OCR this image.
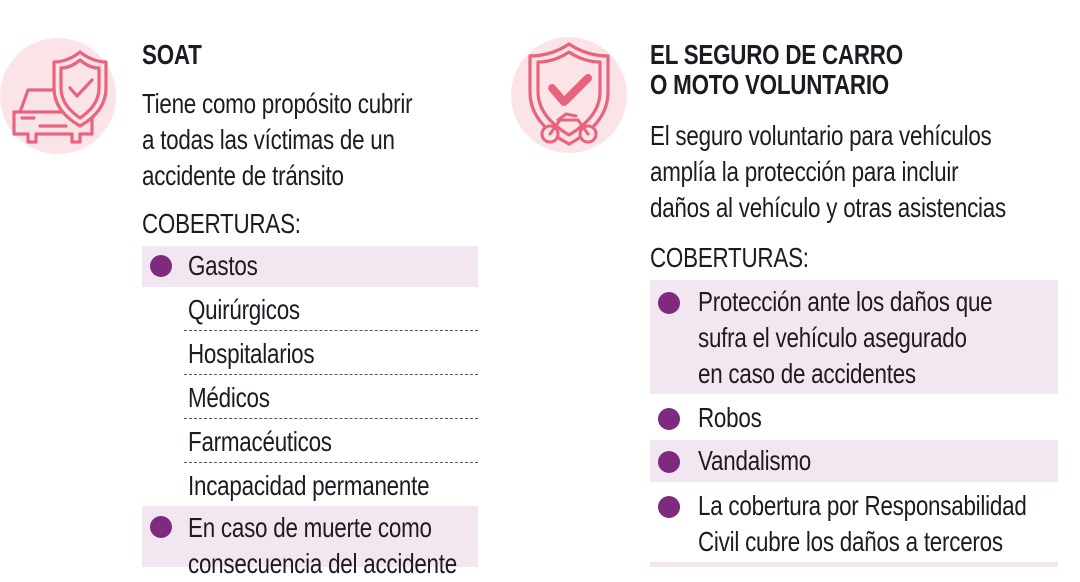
SOAT
Tiene como propósito cubrir
a todas las víctimas de un
accidente de tránsito
COBERTURAS:
Gastos
Quirúrgicos
Hospitalarios
Médicos
Farmacéuticos
Incapacidad permanente
En caso de muerte como
consecuencia del accidente
EL SEGURO DE CARRO
O MOTO VOLUNTARIO
El seguro voluntario para vehículos
amplía la protección para incluir
daños al vehículo y otras asistencias
COBERTURAS:
Protección ante los daños que
sufra el vehículo asegurado
en caso de accidentes
Robos
Vandalismo
La cobertura por Responsabilidad
Civil cubre los daños a terceros
